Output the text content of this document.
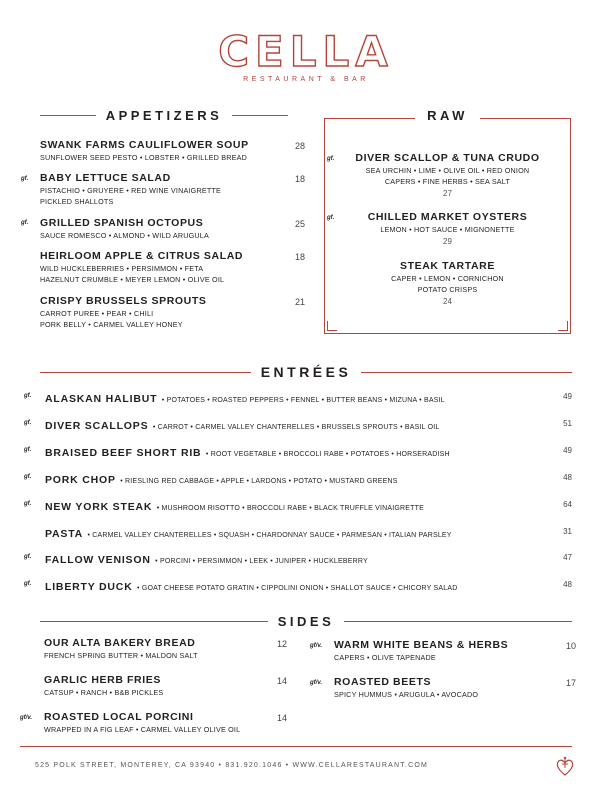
CELLA
RESTAURANT & BAR
APPETIZERS
SWANK FARMS CAULIFLOWER SOUP
SUNFLOWER SEED PESTO • LOBSTER • GRILLED BREAD
28
gf. BABY LETTUCE SALAD
PISTACHIO • GRUYERE • RED WINE VINAIGRETTE
PICKLED SHALLOTS
18
gf. GRILLED SPANISH OCTOPUS
SAUCE ROMESCO • ALMOND • WILD ARUGULA
25
HEIRLOOM APPLE & CITRUS SALAD
WILD HUCKLEBERRIES • PERSIMMON • FETA
HAZELNUT CRUMBLE • MEYER LEMON • OLIVE OIL
18
CRISPY BRUSSELS SPROUTS
CARROT PUREE • PEAR • CHILI
PORK BELLY • CARMEL VALLEY HONEY
21
RAW
gf.	DIVER SCALLOP & TUNA CRUDO
SEA URCHIN • LIME • OLIVE OIL • RED ONION
CAPERS • FINE HERBS • SEA SALT
27
gf.	CHILLED MARKET OYSTERS
LEMON • HOT SAUCE • MIGNONETTE
29
STEAK TARTARE
CAPER • LEMON • CORNICHON
POTATO CRISPS
24
ENTRÉES
gf. ALASKAN HALIBUT • POTATOES • ROASTED PEPPERS • FENNEL • BUTTER BEANS • MIZUNA • BASIL	49
gf. DIVER SCALLOPS • CARROT • CARMEL VALLEY CHANTERELLES • BRUSSELS SPROUTS • BASIL OIL	51
gf. BRAISED BEEF SHORT RIB • ROOT VEGETABLE • BROCCOLI RABE • POTATOES • HORSERADISH	49
gf. PORK CHOP • RIESLING RED CABBAGE • APPLE • LARDONS • POTATO • MUSTARD GREENS	48
gf. NEW YORK STEAK • MUSHROOM RISOTTO • BROCCOLI RABE • BLACK TRUFFLE VINAIGRETTE	64
PASTA • CARMEL VALLEY CHANTERELLES • SQUASH • CHARDONNAY SAUCE • PARMESAN • ITALIAN PARSLEY	31
gf. FALLOW VENISON • PORCINI • PERSIMMON • LEEK • JUNIPER • HUCKLEBERRY	47
gf. LIBERTY DUCK • GOAT CHEESE POTATO GRATIN • CIPPOLINI ONION • SHALLOT SAUCE • CHICORY SALAD	48
SIDES
OUR ALTA BAKERY BREAD
FRENCH SPRING BUTTER • MALDON SALT
12
GARLIC HERB FRIES
CATSUP • RANCH • B&B PICKLES
14
gf/v. ROASTED LOCAL PORCINI
WRAPPED IN A FIG LEAF • CARMEL VALLEY OLIVE OIL
14
gf/v. WARM WHITE BEANS & HERBS
CAPERS • OLIVE TAPENADE
10
gf/v. ROASTED BEETS
SPICY HUMMUS • ARUGULA • AVOCADO
17
525 POLK STREET, MONTEREY, CA 93940 • 831.920.1046 • WWW.CELLARESTAURANT.COM
